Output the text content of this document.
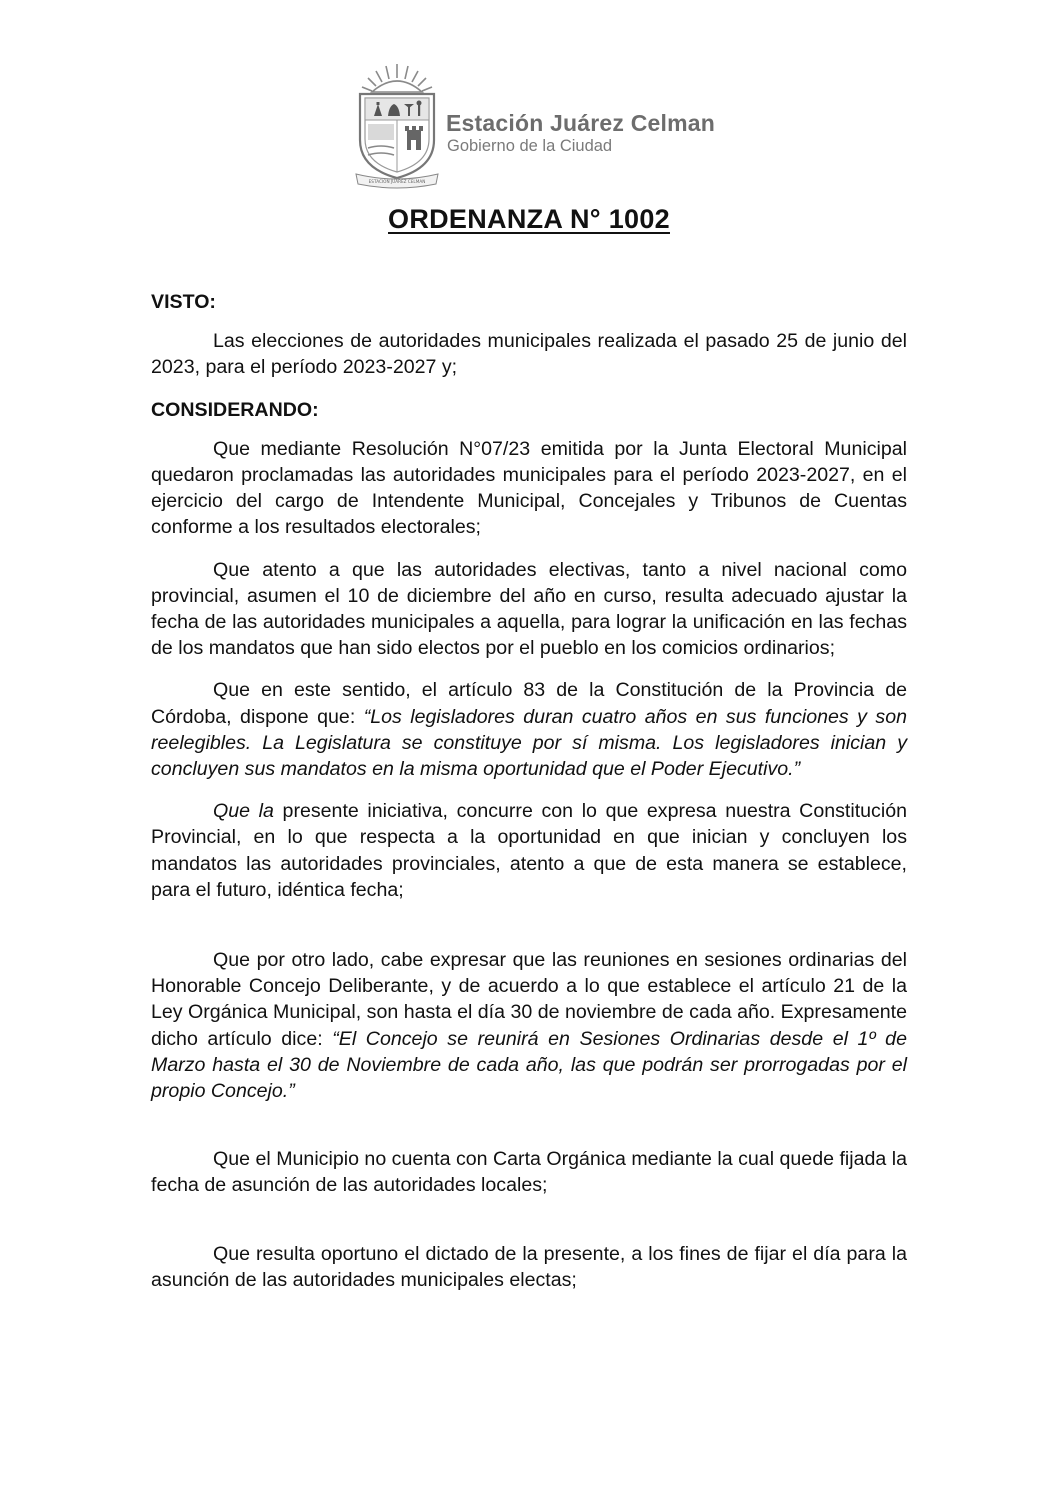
ESTACION JUAREZ CELMAN
Estación Juárez Celman
Gobierno de la Ciudad
ORDENANZA N° 1002

VISTO:

Las elecciones de autoridades municipales realizada el pasado 25 de junio del 2023, para el período 2023-2027 y;

CONSIDERANDO:

Que mediante Resolución N°07/23 emitida por la Junta Electoral Municipal quedaron proclamadas las autoridades municipales para el período 2023-2027, en el ejercicio del cargo de Intendente Municipal, Concejales y Tribunos de Cuentas conforme a los resultados electorales;

Que atento a que las autoridades electivas, tanto a nivel nacional como provincial, asumen el 10 de diciembre del año en curso, resulta adecuado ajustar la fecha de las autoridades municipales a aquella, para lograr la unificación en las fechas de los mandatos que han sido electos por el pueblo en los comicios ordinarios;

Que en este sentido, el artículo 83 de la Constitución de la Provincia de Córdoba, dispone que: “Los legisladores duran cuatro años en sus funciones y son reelegibles. La Legislatura se constituye por sí misma. Los legisladores inician y concluyen sus mandatos en la misma oportunidad que el Poder Ejecutivo.”

Que la presente iniciativa, concurre con lo que expresa nuestra Constitución Provincial, en lo que respecta a la oportunidad en que inician y concluyen los mandatos las autoridades provinciales, atento a que de esta manera se establece, para el futuro, idéntica fecha;

Que por otro lado, cabe expresar que las reuniones en sesiones ordinarias del Honorable Concejo Deliberante, y de acuerdo a lo que establece el artículo 21 de la Ley Orgánica Municipal, son hasta el día 30 de noviembre de cada año. Expresamente dicho artículo dice: “El Concejo se reunirá en Sesiones Ordinarias desde el 1º de Marzo hasta el 30 de Noviembre de cada año, las que podrán ser prorrogadas por el propio Concejo.”

Que el Municipio no cuenta con Carta Orgánica mediante la cual quede fijada la fecha de asunción de las autoridades locales;

Que resulta oportuno el dictado de la presente, a los fines de fijar el día para la asunción de las autoridades municipales electas;
